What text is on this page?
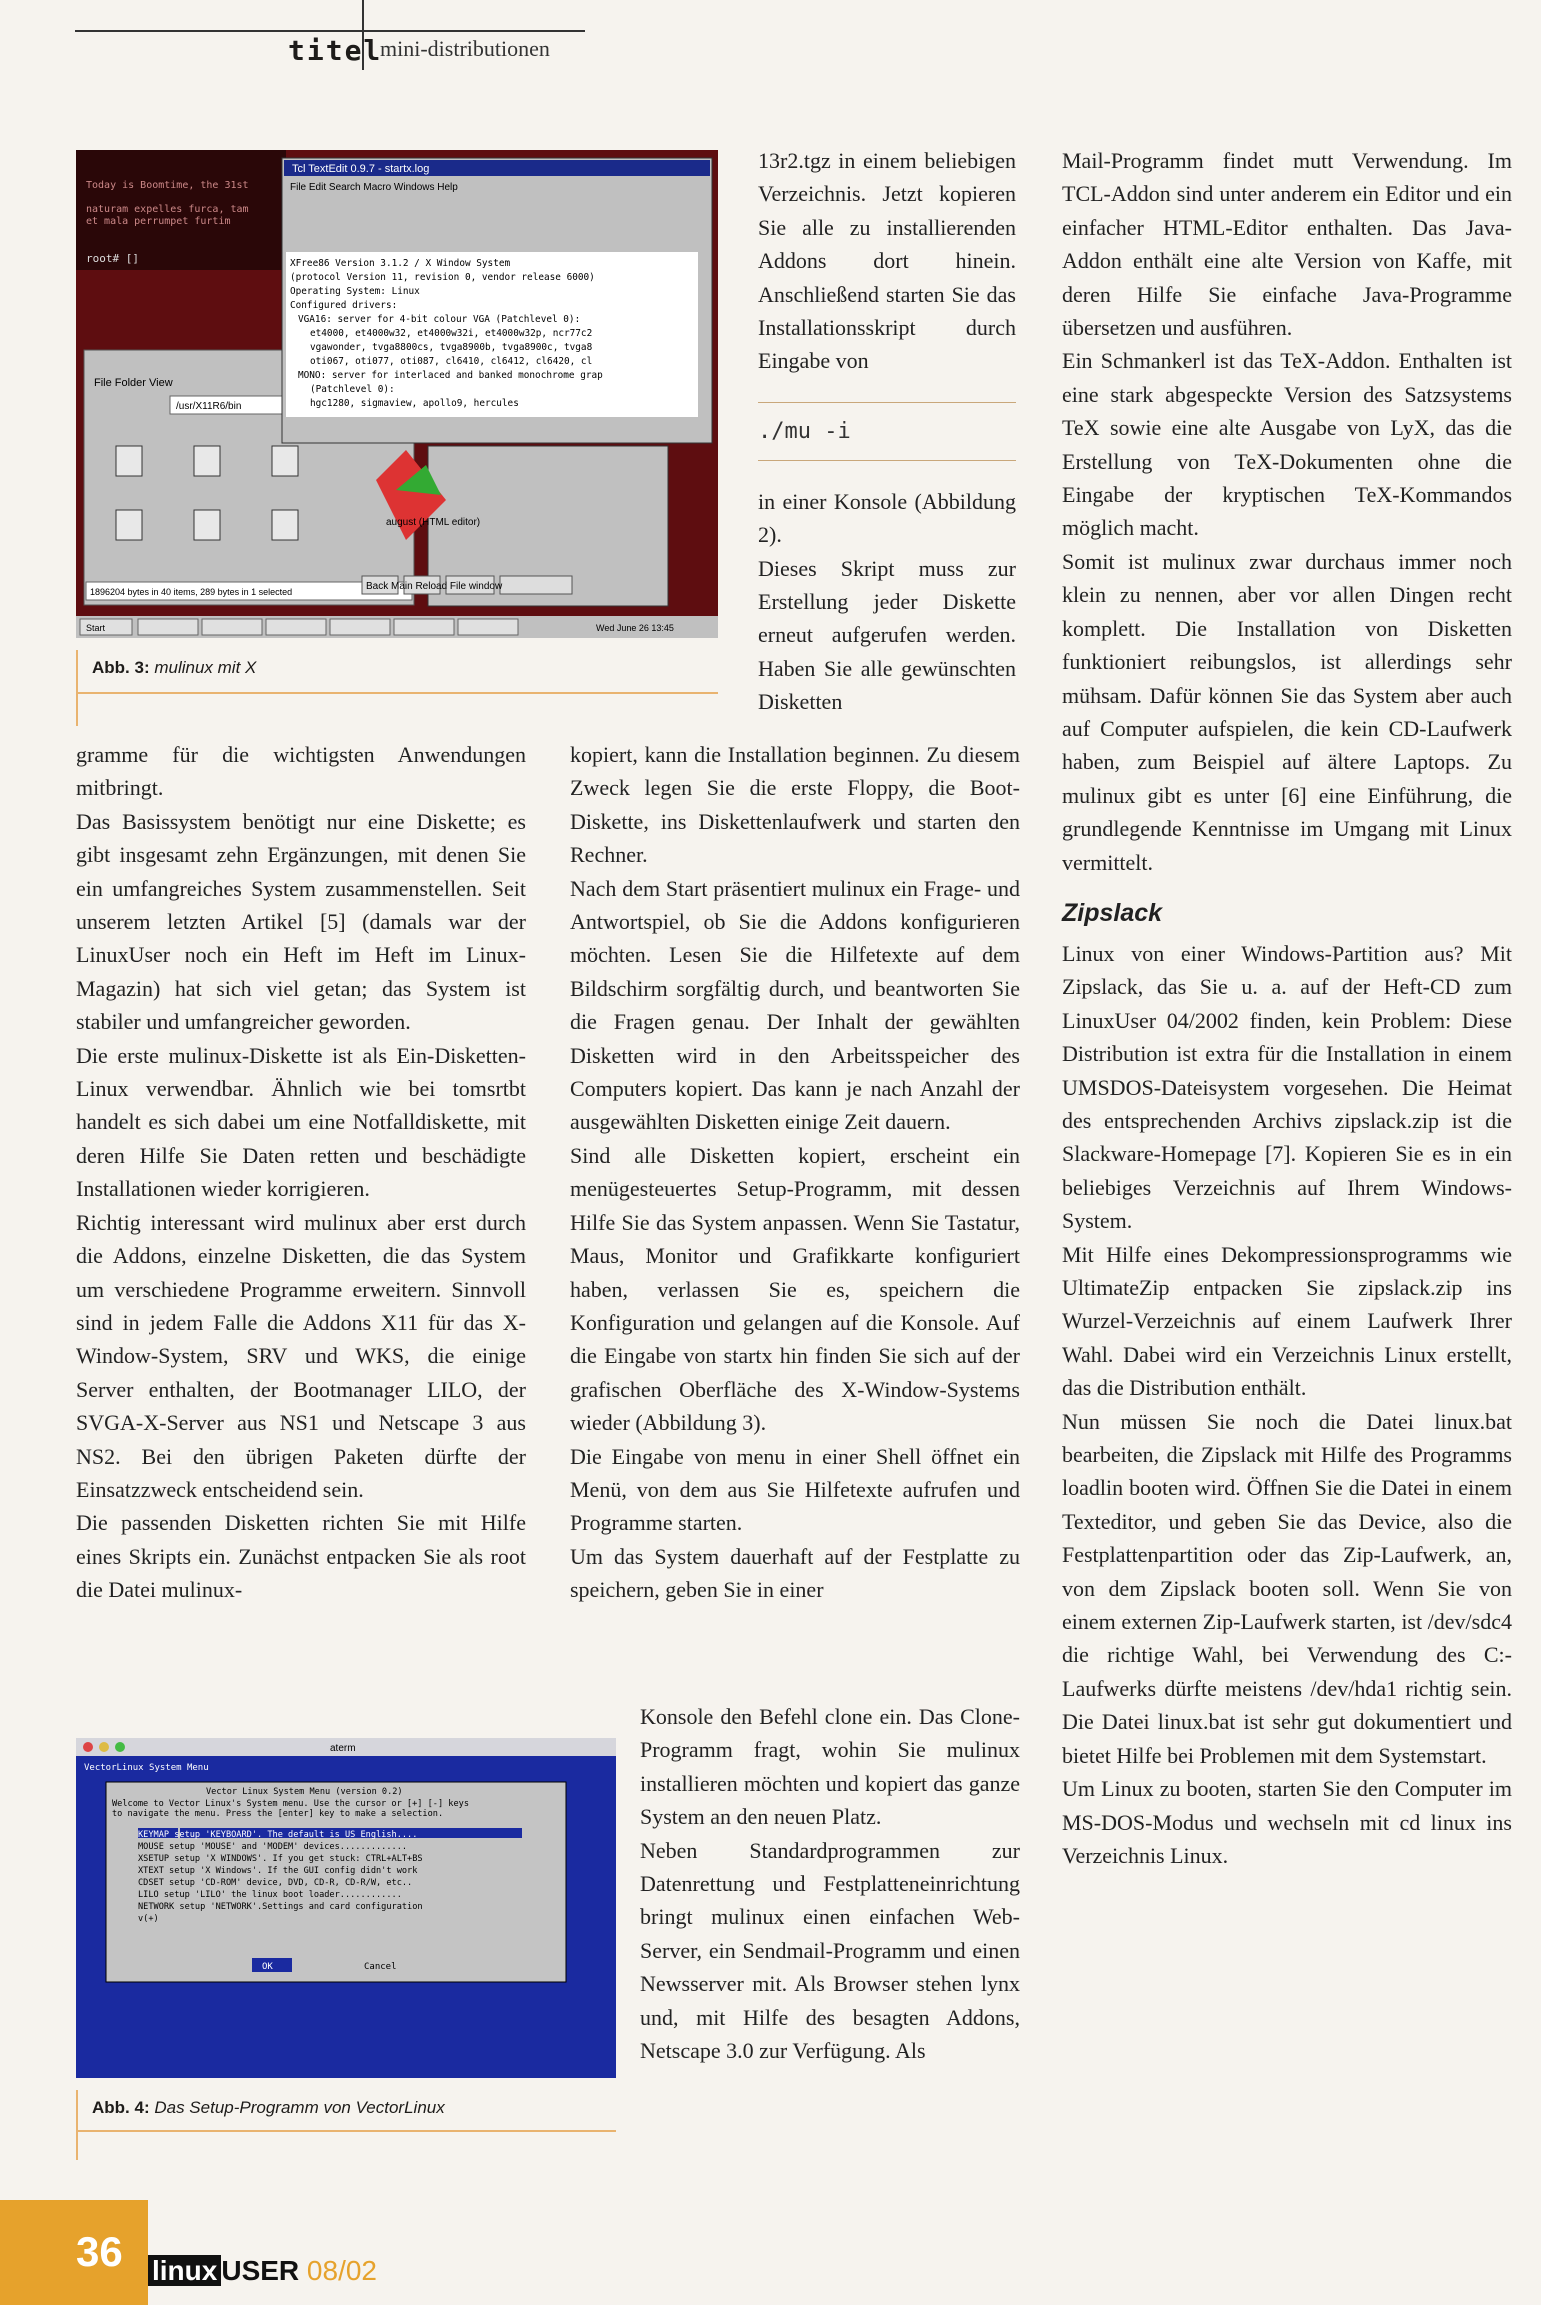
titel
mini-distributionen
Today is Boomtime, the 31st
naturam expelles furca, tam
et mala perrumpet furtim
root# []
File Folder View
/usr/X11R6/bin
1896204 bytes in 40 items, 289 bytes in 1 selected
Tcl TextEdit 0.9.7 - startx.log
File Edit Search Macro Windows Help
XFree86 Version 3.1.2 / X Window System
(protocol Version 11, revision 0, vendor release 6000)
Operating System: Linux
Configured drivers:
VGA16: server for 4-bit colour VGA (Patchlevel 0):
et4000, et4000w32, et4000w32i, et4000w32p, ncr77c2
vgawonder, tvga8800cs, tvga8900b, tvga8900c, tvga8
oti067, oti077, oti087, cl6410, cl6412, cl6420, cl
MONO: server for interlaced and banked monochrome grap
(Patchlevel 0):
hgc1280, sigmaview, apollo9, hercules
august (HTML editor)
Back Main Reload File window
Start	Wed June 26 13:45
Abb. 3: mulinux mit X

gramme für die wichtigsten Anwendungen mitbringt.

Das Basissystem benötigt nur eine Diskette; es gibt insgesamt zehn Ergänzungen, mit denen Sie ein umfangreiches System zusammenstellen. Seit unserem letzten Artikel [5] (damals war der LinuxUser noch ein Heft im Heft im Linux-Magazin) hat sich viel getan; das System ist stabiler und umfangreicher geworden.

Die erste mulinux-Diskette ist als Ein-Disketten-Linux verwendbar. Ähnlich wie bei tomsrtbt handelt es sich dabei um eine Notfalldiskette, mit deren Hilfe Sie Daten retten und beschädigte Installationen wieder korrigieren.

Richtig interessant wird mulinux aber erst durch die Addons, einzelne Disketten, die das System um verschiedene Programme erweitern. Sinnvoll sind in jedem Falle die Addons X11 für das X-Window-System, SRV und WKS, die einige Server enthalten, der Bootmanager LILO, der SVGA-X-Server aus NS1 und Netscape 3 aus NS2. Bei den übrigen Paketen dürfte der Einsatzzweck entscheidend sein.

Die passenden Disketten richten Sie mit Hilfe eines Skripts ein. Zunächst entpacken Sie als root die Datei mulinux-

13r2.tgz in einem beliebigen Verzeichnis. Jetzt kopieren Sie alle zu installierenden Addons dort hinein. Anschließend starten Sie das Installationsskript durch Eingabe von

./mu -i

in einer Konsole (Abbildung 2).

Dieses Skript muss zur Erstellung jeder Diskette erneut aufgerufen werden. Haben Sie alle gewünschten Disketten

kopiert, kann die Installation beginnen. Zu diesem Zweck legen Sie die erste Floppy, die Boot-Diskette, ins Diskettenlaufwerk und starten den Rechner.

Nach dem Start präsentiert mulinux ein Frage- und Antwortspiel, ob Sie die Addons konfigurieren möchten. Lesen Sie die Hilfetexte auf dem Bildschirm sorgfältig durch, und beantworten Sie die Fragen genau. Der Inhalt der gewählten Disketten wird in den Arbeitsspeicher des Computers kopiert. Das kann je nach Anzahl der ausgewählten Disketten einige Zeit dauern.

Sind alle Disketten kopiert, erscheint ein menügesteuertes Setup-Programm, mit dessen Hilfe Sie das System anpassen. Wenn Sie Tastatur, Maus, Monitor und Grafikkarte konfiguriert haben, verlassen Sie es, speichern die Konfiguration und gelangen auf die Konsole. Auf die Eingabe von startx hin finden Sie sich auf der grafischen Oberfläche des X-Window-Systems wieder (Abbildung 3).

Die Eingabe von menu in einer Shell öffnet ein Menü, von dem aus Sie Hilfetexte aufrufen und Programme starten.

Um das System dauerhaft auf der Festplatte zu speichern, geben Sie in einer

aterm
VectorLinux System Menu
Vector Linux System Menu (version 0.2)
Welcome to Vector Linux's System menu. Use the cursor or [+] [-] keys
to navigate the menu. Press the [enter] key to make a selection.
KEYMAP setup 'KEYBOARD'. The default is US English....
MOUSE setup 'MOUSE' and 'MODEM' devices.............
XSETUP setup 'X WINDOWS'. If you get stuck: CTRL+ALT+BS
XTEXT setup 'X Windows'. If the GUI config didn't work
CDSET setup 'CD-ROM' device, DVD, CD-R, CD-R/W, etc..
LILO setup 'LILO' the linux boot loader............
NETWORK setup 'NETWORK'.Settings and card configuration
v(+)
OK	Cancel
Abb. 4: Das Setup-Programm von VectorLinux

Konsole den Befehl clone ein. Das Clone-Programm fragt, wohin Sie mulinux installieren möchten und kopiert das ganze System an den neuen Platz.

Neben Standardprogrammen zur Datenrettung und Festplatteneinrichtung bringt mulinux einen einfachen Web-Server, ein Sendmail-Programm und einen Newsserver mit. Als Browser stehen lynx und, mit Hilfe des besagten Addons, Netscape 3.0 zur Verfügung. Als

Mail-Programm findet mutt Verwendung. Im TCL-Addon sind unter anderem ein Editor und ein einfacher HTML-Editor enthalten. Das Java-Addon enthält eine alte Version von Kaffe, mit deren Hilfe Sie einfache Java-Programme übersetzen und ausführen.

Ein Schmankerl ist das TeX-Addon. Enthalten ist eine stark abgespeckte Version des Satzsystems TeX sowie eine alte Ausgabe von LyX, das die Erstellung von TeX-Dokumenten ohne die Eingabe der kryptischen TeX-Kommandos möglich macht.

Somit ist mulinux zwar durchaus immer noch klein zu nennen, aber vor allen Dingen recht komplett. Die Installation von Disketten funktioniert reibungslos, ist allerdings sehr mühsam. Dafür können Sie das System aber auch auf Computer aufspielen, die kein CD-Laufwerk haben, zum Beispiel auf ältere Laptops. Zu mulinux gibt es unter [6] eine Einführung, die grundlegende Kenntnisse im Umgang mit Linux vermittelt.

Zipslack

Linux von einer Windows-Partition aus? Mit Zipslack, das Sie u. a. auf der Heft-CD zum LinuxUser 04/2002 finden, kein Problem: Diese Distribution ist extra für die Installation in einem UMSDOS-Dateisystem vorgesehen. Die Heimat des entsprechenden Archivs zipslack.zip ist die Slackware-Homepage [7]. Kopieren Sie es in ein beliebiges Verzeichnis auf Ihrem Windows-System.

Mit Hilfe eines Dekompressionsprogramms wie UltimateZip entpacken Sie zipslack.zip ins Wurzel-Verzeichnis auf einem Laufwerk Ihrer Wahl. Dabei wird ein Verzeichnis Linux erstellt, das die Distribution enthält.

Nun müssen Sie noch die Datei linux.bat bearbeiten, die Zipslack mit Hilfe des Programms loadlin booten wird. Öffnen Sie die Datei in einem Texteditor, und geben Sie das Device, also die Festplattenpartition oder das Zip-Laufwerk, an, von dem Zipslack booten soll. Wenn Sie von einem externen Zip-Laufwerk starten, ist /dev/sdc4 die richtige Wahl, bei Verwendung des C:-Laufwerks dürfte meistens /dev/hda1 richtig sein. Die Datei linux.bat ist sehr gut dokumentiert und bietet Hilfe bei Problemen mit dem Systemstart.

Um Linux zu booten, starten Sie den Computer im MS-DOS-Modus und wechseln mit cd linux ins Verzeichnis Linux.

36	linux USER 08/02
